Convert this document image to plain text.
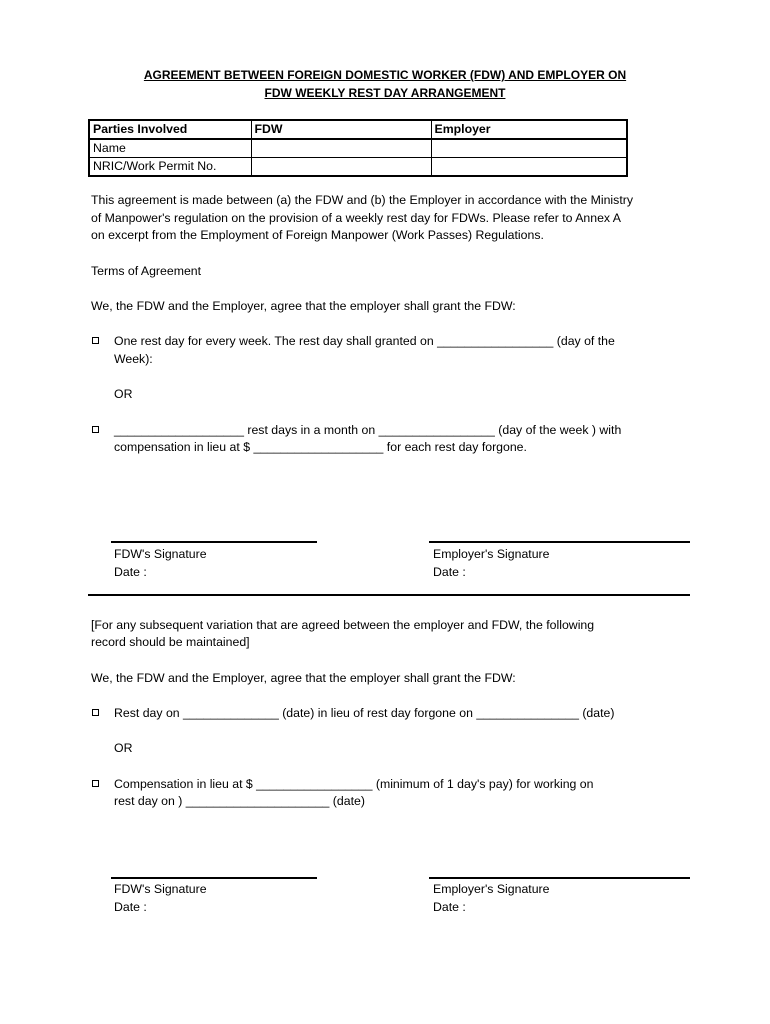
AGREEMENT BETWEEN FOREIGN DOMESTIC WORKER (FDW) AND EMPLOYER ON
FDW WEEKLY REST DAY ARRANGEMENT
Parties Involved	FDW	Employer
Name		
NRIC/Work Permit No.		
This agreement is made between (a) the FDW and (b) the Employer in accordance with the Ministry
of Manpower's regulation on the provision of a weekly rest day for FDWs. Please refer to Annex A
on excerpt from the Employment of Foreign Manpower (Work Passes) Regulations.
Terms of Agreement
We, the FDW and the Employer, agree that the employer shall grant the FDW:
One rest day for every week. The rest day shall granted on _________________ (day of the
Week):
OR
___________________ rest days in a month on _________________ (day of the week ) with
compensation in lieu at $ ___________________ for each rest day forgone.
FDW's Signature
Date :
Employer's Signature
Date :
[For any subsequent variation that are agreed between the employer and FDW, the following
record should be maintained]
We, the FDW and the Employer, agree that the employer shall grant the FDW:
Rest day on ______________ (date) in lieu of rest day forgone on _______________ (date)
OR
Compensation in lieu at $ _________________ (minimum of 1 day's pay) for working on
rest day on ) _____________________ (date)
FDW's Signature
Date :
Employer's Signature
Date :
